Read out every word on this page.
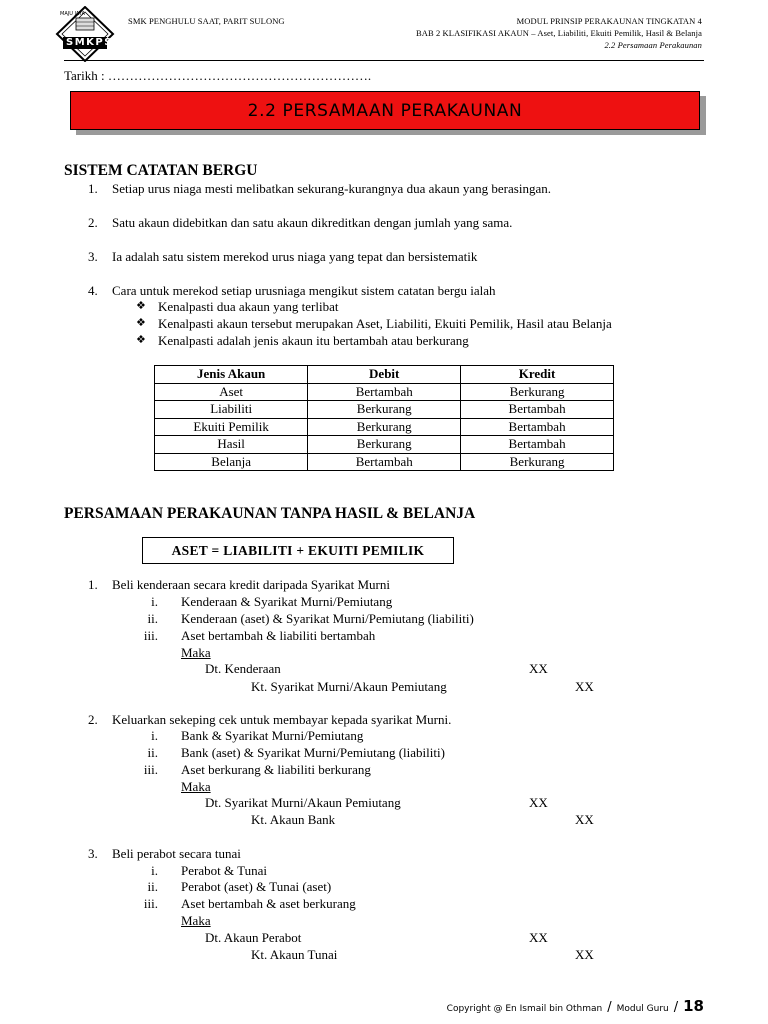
MAJU JAYA
SMKPS
SMK PENGHULU SAAT, PARIT SULONG	MODUL PRINSIP PERAKAUNAN TINGKATAN 4
BAB 2 KLASIFIKASI AKAUN – Aset, Liabiliti, Ekuiti Pemilik, Hasil & Belanja
2.2 Persamaan Perakaunan
Tarikh : …………………………………………………….
2.2 PERSAMAAN PERAKAUNAN
SISTEM CATATAN BERGU
1. Setiap urus niaga mesti melibatkan sekurang-kurangnya dua akaun yang berasingan.
2. Satu akaun didebitkan dan satu akaun dikreditkan dengan jumlah yang sama.
3. Ia adalah satu sistem merekod urus niaga yang tepat dan bersistematik
4. Cara untuk merekod setiap urusniaga mengikut sistem catatan bergu ialah
❖ Kenalpasti dua akaun yang terlibat
❖ Kenalpasti akaun tersebut merupakan Aset, Liabiliti, Ekuiti Pemilik, Hasil atau Belanja
❖ Kenalpasti adalah jenis akaun itu bertambah atau berkurang
Jenis Akaun	Debit	Kredit
Aset	Bertambah	Berkurang
Liabiliti	Berkurang	Bertambah
Ekuiti Pemilik	Berkurang	Bertambah
Hasil	Berkurang	Bertambah
Belanja	Bertambah	Berkurang
PERSAMAAN PERAKAUNAN TANPA HASIL & BELANJA
ASET = LIABILITI + EKUITI PEMILIK
1. Beli kenderaan secara kredit daripada Syarikat Murni
i. Kenderaan & Syarikat Murni/Pemiutang
ii. Kenderaan (aset) & Syarikat Murni/Pemiutang (liabiliti)
iii. Aset bertambah & liabiliti bertambah
Maka
Dt. Kenderaan	XX
Kt. Syarikat Murni/Akaun Pemiutang	XX
2. Keluarkan sekeping cek untuk membayar kepada syarikat Murni.
i. Bank & Syarikat Murni/Pemiutang
ii. Bank (aset) & Syarikat Murni/Pemiutang (liabiliti)
iii. Aset berkurang & liabiliti berkurang
Maka
Dt. Syarikat Murni/Akaun Pemiutang	XX
Kt. Akaun Bank	XX
3. Beli perabot secara tunai
i. Perabot & Tunai
ii. Perabot (aset) & Tunai (aset)
iii. Aset bertambah & aset berkurang
Maka
Dt. Akaun Perabot	XX
Kt. Akaun Tunai	XX
Copyright @ En Ismail bin Othman / Modul Guru / 18
